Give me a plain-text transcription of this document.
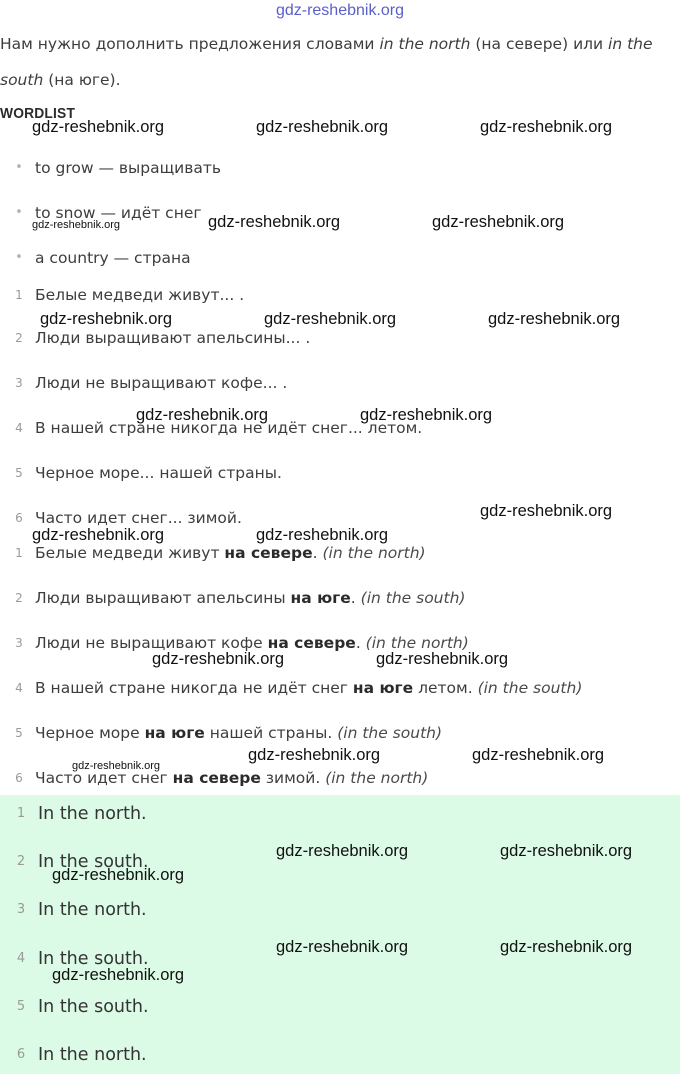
gdz-reshebnik.org
Нам нужно дополнить предложения словами in the north (на севере) или in the south (на юге).
WORDLIST
• to grow — выращивать
• to snow — идёт снег
• a country — страна
1 Белые медведи живут... .
2 Люди выращивают апельсины... .
3 Люди не выращивают кофе... .
4 В нашей стране никогда не идёт снег... летом.
5 Черное море... нашей страны.
6 Часто идет снег... зимой.
1 Белые медведи живут на севере. (in the north)
2 Люди выращивают апельсины на юге. (in the south)
3 Люди не выращивают кофе на севере. (in the north)
4 В нашей стране никогда не идёт снег на юге летом. (in the south)
5 Черное море на юге нашей страны. (in the south)
6 Часто идет снег на севере зимой. (in the north)
1 In the north.
2 In the south.
3 In the north.
4 In the south.
5 In the south.
6 In the north.
gdz-reshebnik.org	gdz-reshebnik.org	gdz-reshebnik.org
gdz-reshebnik.org	gdz-reshebnik.org	gdz-reshebnik.org
gdz-reshebnik.org	gdz-reshebnik.org	gdz-reshebnik.org
gdz-reshebnik.org	gdz-reshebnik.org
gdz-reshebnik.org
gdz-reshebnik.org	gdz-reshebnik.org
gdz-reshebnik.org	gdz-reshebnik.org
gdz-reshebnik.org
gdz-reshebnik.org	gdz-reshebnik.org
gdz-reshebnik.org	gdz-reshebnik.org
gdz-reshebnik.org
gdz-reshebnik.org	gdz-reshebnik.org
gdz-reshebnik.org
